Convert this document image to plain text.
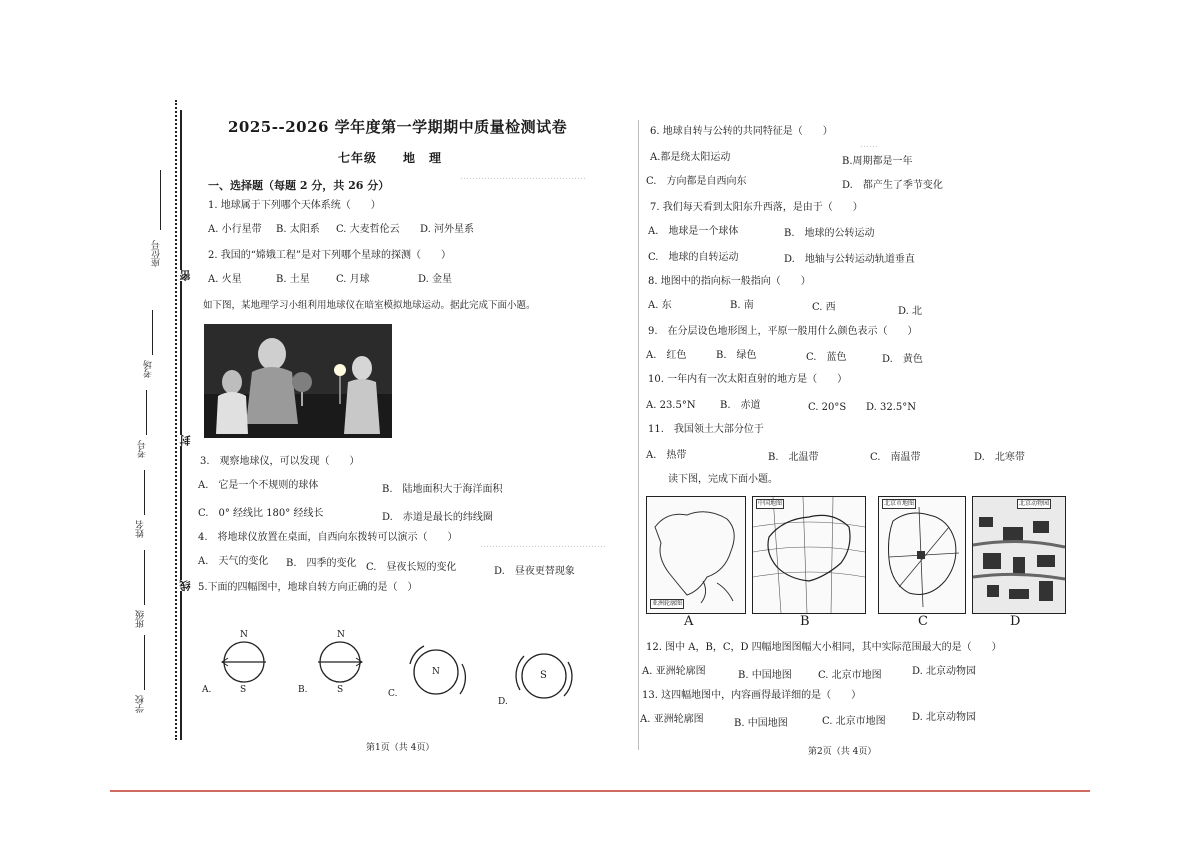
密
封
线
座位号
考场
考号
姓名
班级
学校
……………………………………
……………………………………
……
2025--2026 学年度第一学期期中质量检测试卷
七年级　　地　理
一、选择题（每题 2 分，共 26 分）
1. 地球属于下列哪个天体系统（　　）
A. 小行星带 B. 太阳系 C. 大麦哲伦云 D. 河外星系
2. 我国的“嫦娥工程”是对下列哪个星球的探测（　　）
A. 火星	B. 土星	C. 月球	D. 金星
如下图，某地理学习小组利用地球仪在暗室模拟地球运动。据此完成下面小题。
3.　观察地球仪，可以发现（　　）
A.　它是一个不规则的球体	B.　陆地面积大于海洋面积
C.　0° 经线比 180° 经线长	D.　赤道是最长的纬线圈
4.　将地球仪放置在桌面，自西向东拨转可以演示（　　）
A.　天气的变化 B.　四季的变化 C.　昼夜长短的变化	D.　昼夜更替现象
5.下面的四幅图中，地球自转方向正确的是（　）
N
S
N
S
N	S
A.	B.	C.
D.
第1页（共 4页）
6. 地球自转与公转的共同特征是（　　）
A.都是绕太阳运动	B.周期都是一年
C.　方向都是自西向东	D.　都产生了季节变化
7. 我们每天看到太阳东升西落，是由于（　　）
A.　地球是一个球体	B.　地球的公转运动
C.　地球的自转运动	D.　地轴与公转运动轨道垂直
8. 地图中的指向标一般指向（　　）
A. 东	B. 南	C. 西	D. 北
9.　在分层设色地形图上，平原一般用什么颜色表示（　　）
A.　红色	B.　绿色	C.　蓝色	D.　黄色
10. 一年内有一次太阳直射的地方是（　　）
A. 23.5°N B.　赤道	C. 20°S D. 32.5°N
11.　我国领土大部分位于
A.　热带	B.　北温带	C.　南温带	D.　北寒带
读下图，完成下面小题。
亚洲轮廓图
A
中国地图
B
北京市地图
C
北京动物园
D
12. 图中 A，B，C，D 四幅地图图幅大小相同，其中实际范围最大的是（　　）
A. 亚洲轮廓图	B. 中国地图	C. 北京市地图	D. 北京动物园
13. 这四幅地图中，内容画得最详细的是（　　）
A. 亚洲轮廓图	B. 中国地图	C. 北京市地图	D. 北京动物园
第2页（共 4页）
